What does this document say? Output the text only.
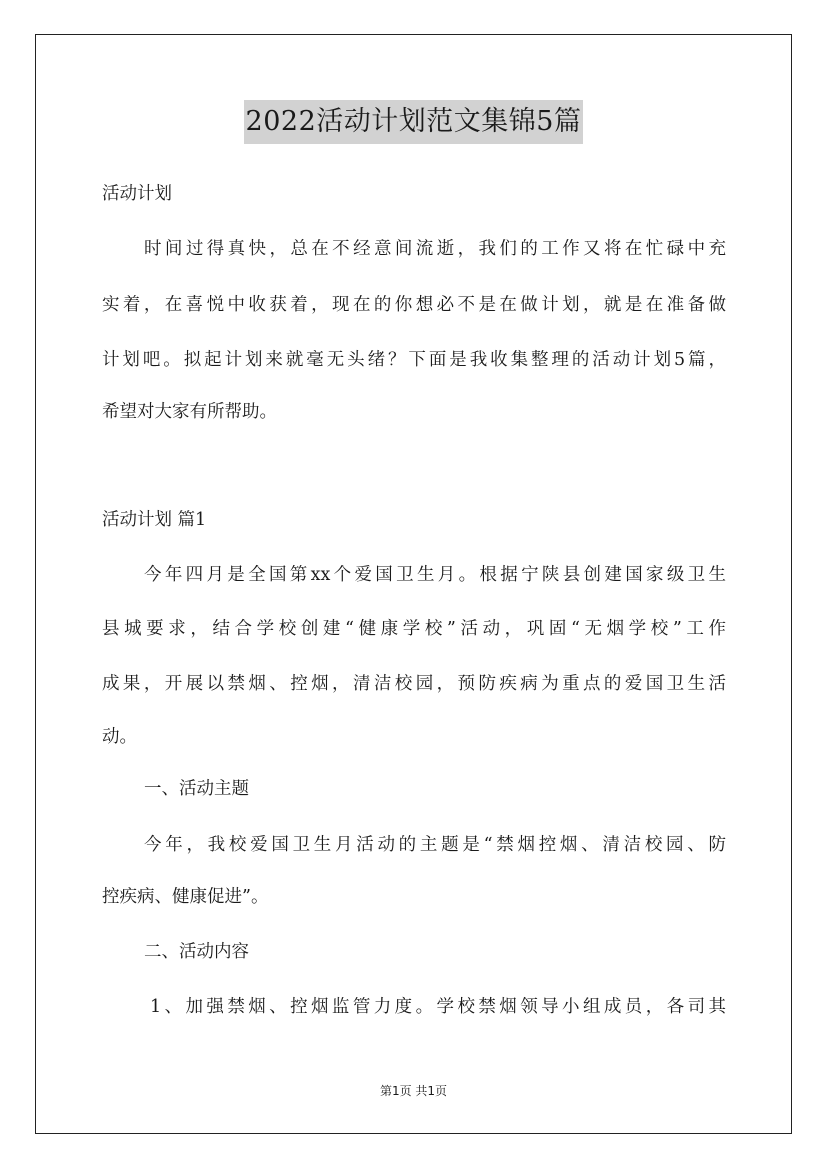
2022活动计划范文集锦5篇
活动计划
时间过得真快，总在不经意间流逝，我们的工作又将在忙碌中充
实着，在喜悦中收获着，现在的你想必不是在做计划，就是在准备做
计划吧。拟起计划来就毫无头绪？下面是我收集整理的活动计划5篇，
希望对大家有所帮助。
活动计划 篇1
今年四月是全国第xx个爱国卫生月。根据宁陕县创建国家级卫生
县城要求，结合学校创建“健康学校”活动，巩固“无烟学校”工作
成果，开展以禁烟、控烟，清洁校园，预防疾病为重点的爱国卫生活
动。
一、活动主题
今年，我校爱国卫生月活动的主题是“禁烟控烟、清洁校园、防
控疾病、健康促进”。
二、活动内容
1、加强禁烟、控烟监管力度。学校禁烟领导小组成员，各司其
第1页 共1页
